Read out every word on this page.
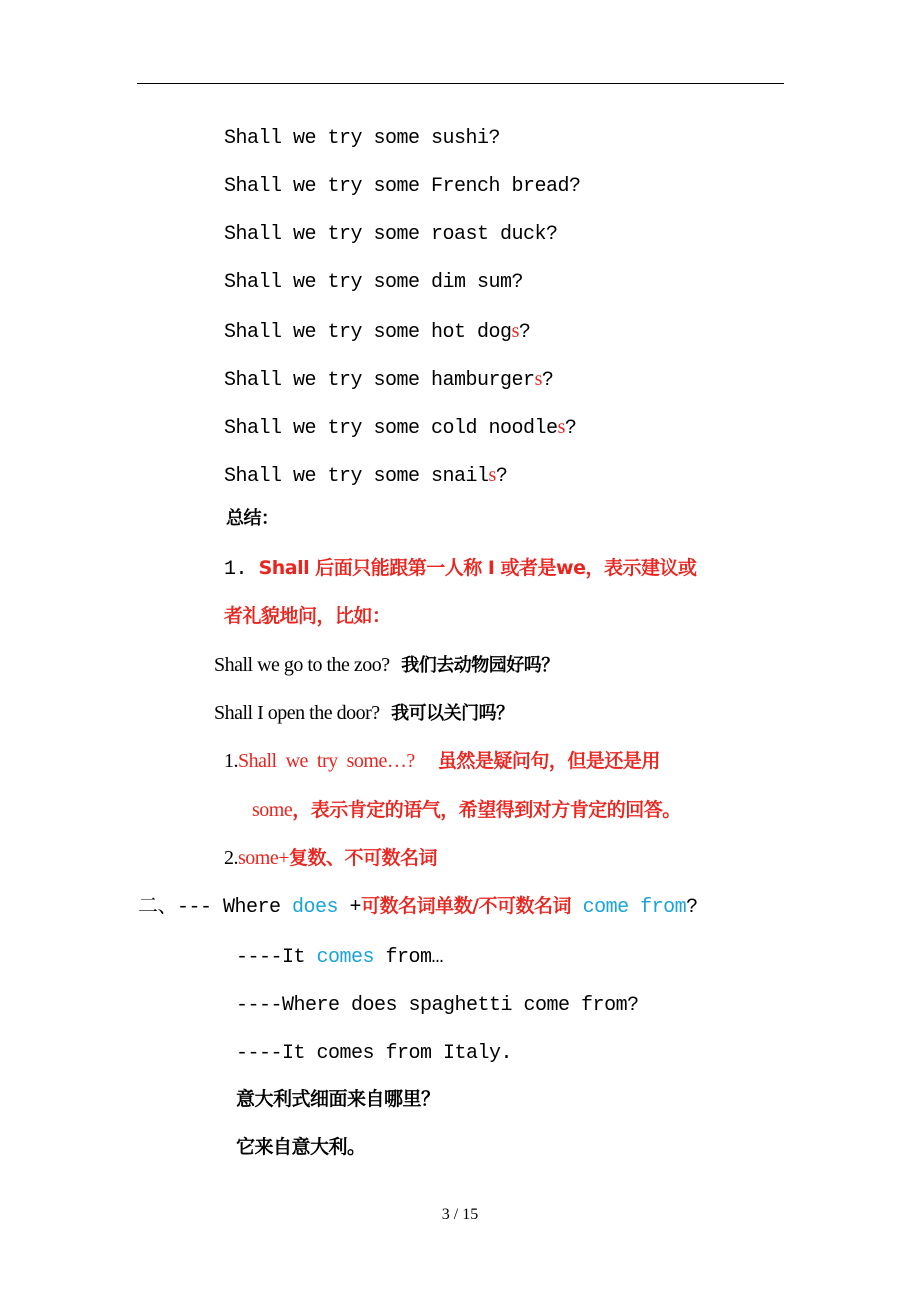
Shall we try some sushi?
Shall we try some French bread?
Shall we try some roast duck?
Shall we try some dim sum?
Shall we try some hot dogs?
Shall we try some hamburgers?
Shall we try some cold noodles?
Shall we try some snails?
总结：
1. Shall 后面只能跟第一人称 I 或者是we，表示建议或
者礼貌地问，比如：
Shall we go to the zoo? 我们去动物园好吗？
Shall I open the door? 我可以关门吗？
1.Shall  we  try  some…? 虽然是疑问句，但是还是用
some，表示肯定的语气，希望得到对方肯定的回答。
2.some+复数、不可数名词
二、--- Where does +可数名词单数/不可数名词 come from?
----It comes from…
----Where does spaghetti come from?
----It comes from Italy.
意大利式细面来自哪里？
它来自意大利。
3 / 15
